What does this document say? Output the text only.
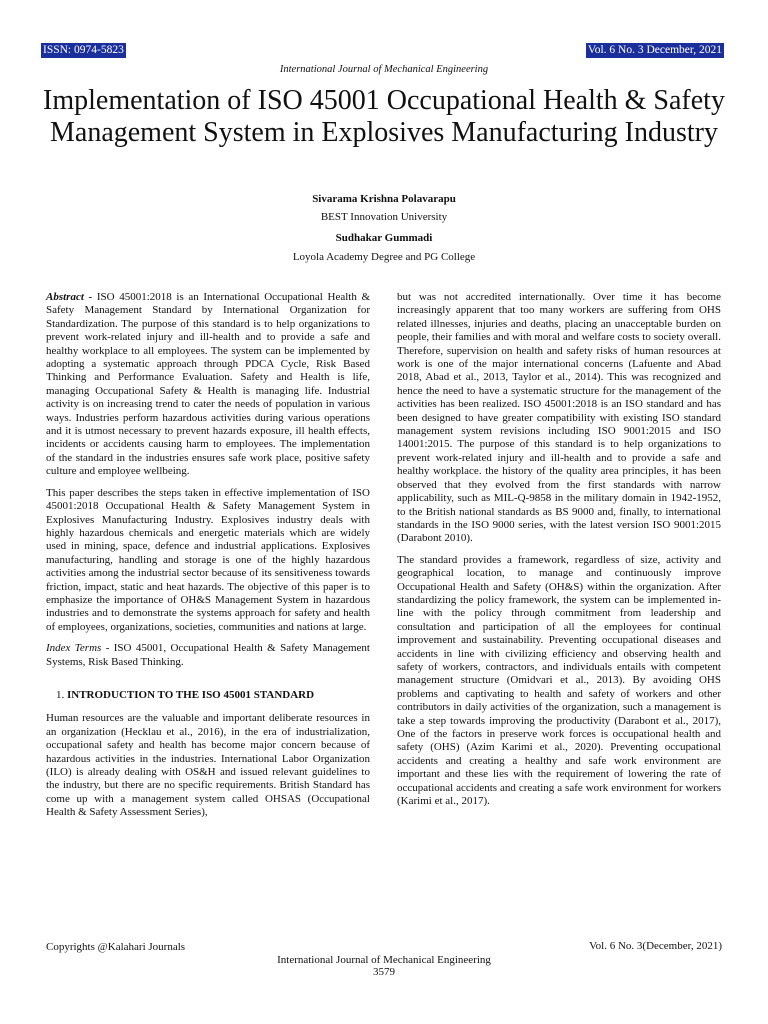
ISSN: 0974-5823	Vol. 6 No. 3 December, 2021
International Journal of Mechanical Engineering
Implementation of ISO 45001 Occupational Health & Safety Management System in Explosives Manufacturing Industry
Sivarama Krishna Polavarapu
BEST Innovation University
Sudhakar Gummadi
Loyola Academy Degree and PG College

Abstract - ISO 45001:2018 is an International Occupational Health & Safety Management Standard by International Organization for Standardization. The purpose of this standard is to help organizations to prevent work-related injury and ill-health and to provide a safe and healthy workplace to all employees. The system can be implemented by adopting a systematic approach through PDCA Cycle, Risk Based Thinking and Performance Evaluation. Safety and Health is life, managing Occupational Safety & Health is managing life. Industrial activity is on increasing trend to cater the needs of population in various ways. Industries perform hazardous activities during various operations and it is utmost necessary to prevent hazards exposure, ill health effects, incidents or accidents causing harm to employees. The implementation of the standard in the industries ensures safe work place, positive safety culture and employee wellbeing.

This paper describes the steps taken in effective implementation of ISO 45001:2018 Occupational Health & Safety Management System in Explosives Manufacturing Industry. Explosives industry deals with highly hazardous chemicals and energetic materials which are widely used in mining, space, defence and industrial applications. Explosives manufacturing, handling and storage is one of the highly hazardous activities among the industrial sector because of its sensitiveness towards friction, impact, static and heat hazards. The objective of this paper is to emphasize the importance of OH&S Management System in hazardous industries and to demonstrate the systems approach for safety and health of employees, organizations, societies, communities and nations at large.

Index Terms - ISO 45001, Occupational Health & Safety Management Systems, Risk Based Thinking.

1. INTRODUCTION TO THE ISO 45001 STANDARD

Human resources are the valuable and important deliberate resources in an organization (Hecklau et al., 2016), in the era of industrialization, occupational safety and health has become major concern because of hazardous activities in the industries. International Labor Organization (ILO) is already dealing with OS&H and issued relevant guidelines to the industry, but there are no specific requirements. British Standard has come up with a management system called OHSAS (Occupational Health & Safety Assessment Series),

but was not accredited internationally. Over time it has become increasingly apparent that too many workers are suffering from OHS related illnesses, injuries and deaths, placing an unacceptable burden on people, their families and with moral and welfare costs to society overall. Therefore, supervision on health and safety risks of human resources at work is one of the major international concerns (Lafuente and Abad 2018, Abad et al., 2013, Taylor et al., 2014). This was recognized and hence the need to have a systematic structure for the management of the activities has been realized. ISO 45001:2018 is an ISO standard and has been designed to have greater compatibility with existing ISO standard management system revisions including ISO 9001:2015 and ISO 14001:2015. The purpose of this standard is to help organizations to prevent work-related injury and ill-health and to provide a safe and healthy workplace. the history of the quality area principles, it has been observed that they evolved from the first standards with narrow applicability, such as MIL-Q-9858 in the military domain in 1942-1952, to the British national standards as BS 9000 and, finally, to international standards in the ISO 9000 series, with the latest version ISO 9001:2015 (Darabont 2010).

The standard provides a framework, regardless of size, activity and geographical location, to manage and continuously improve Occupational Health and Safety (OH&S) within the organization. After standardizing the policy framework, the system can be implemented in-line with the policy through commitment from leadership and consultation and participation of all the employees for continual improvement and sustainability. Preventing occupational diseases and accidents in line with civilizing efficiency and observing health and safety of workers, contractors, and individuals entails with competent management structure (Omidvari et al., 2013). By avoiding OHS problems and captivating to health and safety of workers and other contributors in daily activities of the organization, such a management is take a step towards improving the productivity (Darabont et al., 2017), One of the factors in preserve work forces is occupational health and safety (OHS) (Azim Karimi et al., 2020). Preventing occupational accidents and creating a healthy and safe work environment are important and these lies with the requirement of lowering the rate of occupational accidents and creating a safe work environment for workers (Karimi et al., 2017).

Copyrights @Kalahari Journals	Vol. 6 No. 3(December, 2021)
International Journal of Mechanical Engineering
3579
